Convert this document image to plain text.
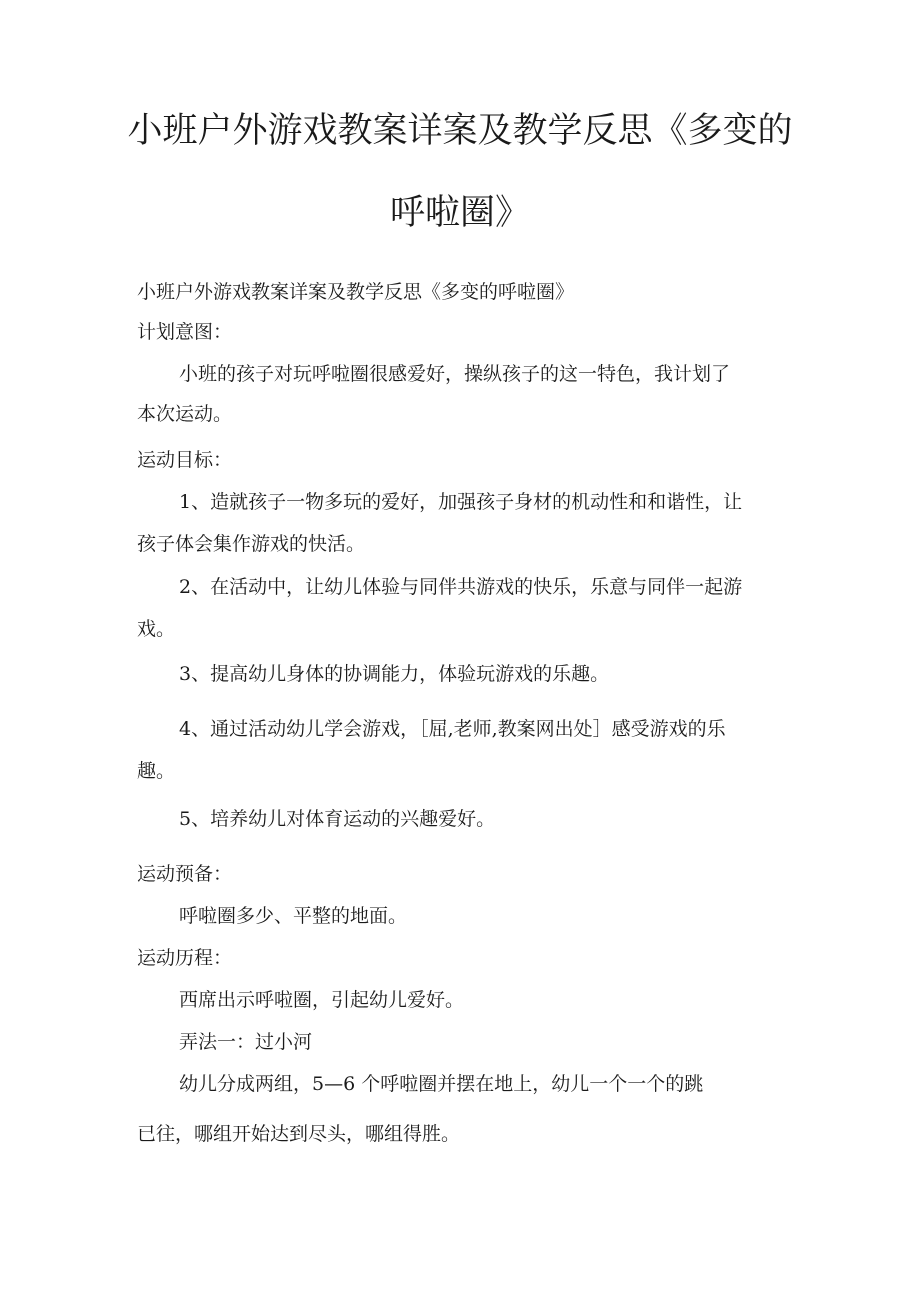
小班户外游戏教案详案及教学反思《多变的
呼啦圈》
小班户外游戏教案详案及教学反思《多变的呼啦圈》
计划意图：
小班的孩子对玩呼啦圈很感爱好，操纵孩子的这一特色，我计划了
本次运动。
运动目标：
1、造就孩子一物多玩的爱好，加强孩子身材的机动性和和谐性，让
孩子体会集作游戏的快活。
2、在活动中，让幼儿体验与同伴共游戏的快乐，乐意与同伴一起游
戏。
3、提高幼儿身体的协调能力，体验玩游戏的乐趣。
4、通过活动幼儿学会游戏，［屈,老师,教案网出处］感受游戏的乐
趣。
5、培养幼儿对体育运动的兴趣爱好。
运动预备：
呼啦圈多少、平整的地面。
运动历程：
西席出示呼啦圈，引起幼儿爱好。
弄法一：过小河
幼儿分成两组，5—6 个呼啦圈并摆在地上，幼儿一个一个的跳
已往，哪组开始达到尽头，哪组得胜。
